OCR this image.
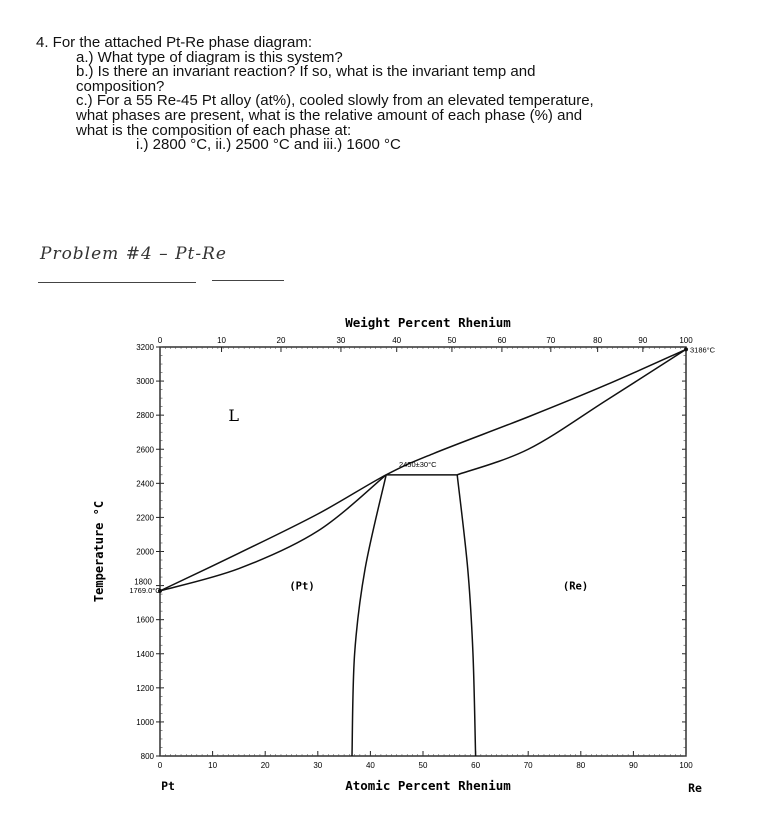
4. For the attached Pt-Re phase diagram:
a.) What type of diagram is this system?
b.) Is there an invariant reaction? If so, what is the invariant temp and
composition?
c.) For a 55 Re-45 Pt alloy (at%), cooled slowly from an elevated temperature,
what phases are present, what is the relative amount of each phase (%) and
what is the composition of each phase at:
i.) 2800 °C, ii.) 2500 °C and iii.) 1600 °C
Problem #4 – Pt-Re
3200
3000
2800
2600
2400
2200
2000
1600
1400
1200
1000
800
1800
0	10	20	30	40	50	60	70	80	90	100
0	10	20	30	40	50	60	70	80	90	100
Weight Percent Rhenium
Atomic Percent Rhenium
Temperature °C
Pt	Re
1769.0°C
3186°C
2450±30°C
L
(Pt)	(Re)
